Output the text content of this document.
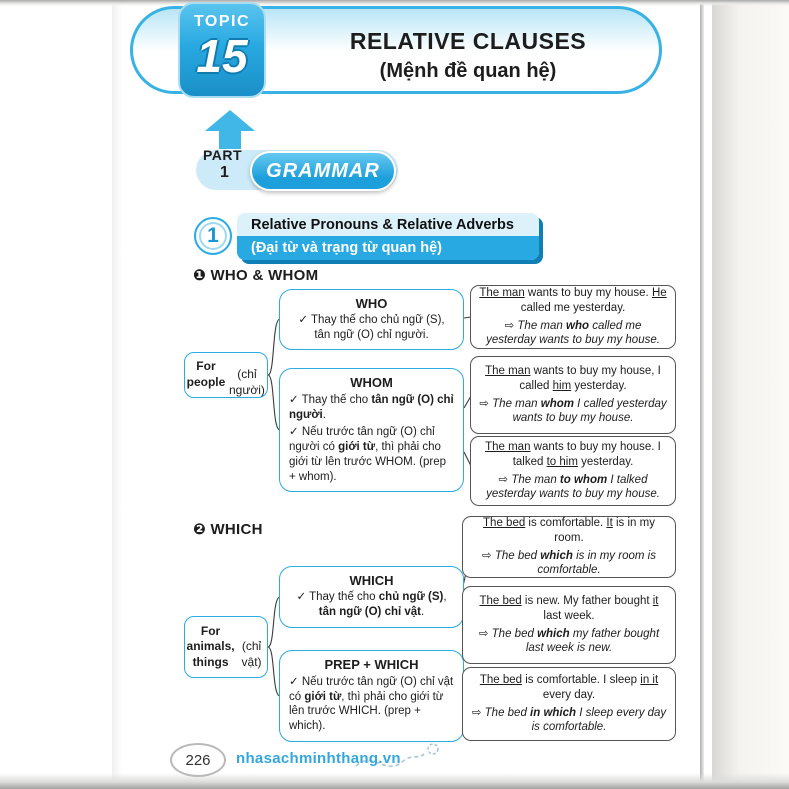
RELATIVE CLAUSES
(Mệnh đề quan hệ)
TOPIC
15
PART
1	GRAMMAR
Relative Pronouns & Relative Adverbs
(Đại từ và trạng từ quan hệ)
1
❶ WHO & WHOM
❷ WHICH
For people

(chỉ người)
WHO
✓ Thay thế cho chủ ngữ (S),
tân ngữ (O) chỉ người.
WHOM
✓ Thay thế cho tân ngữ (O) chỉ người.
✓ Nếu trước tân ngữ (O) chỉ người có giới từ, thì phải cho giới từ lên trước WHOM. (prep + whom).
The man wants to buy my house. He called me yesterday.
⇨ The man who called me yesterday wants to buy my house.
The man wants to buy my house, I called him yesterday.
⇨ The man whom I called yesterday wants to buy my house.
The man wants to buy my house. I talked to him yesterday.
⇨ The man to whom I talked yesterday wants to buy my house.
For animals,
things

(chỉ vật)
WHICH
✓ Thay thế cho chủ ngữ (S),
tân ngữ (O) chỉ vật.
PREP + WHICH
✓ Nếu trước tân ngữ (O) chỉ vật có giới từ, thì phải cho giới từ lên trước WHICH. (prep + which).
The bed is comfortable. It is in my room.
⇨ The bed which is in my room is comfortable.
The bed is new. My father bought it last week.
⇨ The bed which my father bought last week is new.
The bed is comfortable. I sleep in it every day.
⇨ The bed in which I sleep every day is comfortable.
226	nhasachminhthang.vn
